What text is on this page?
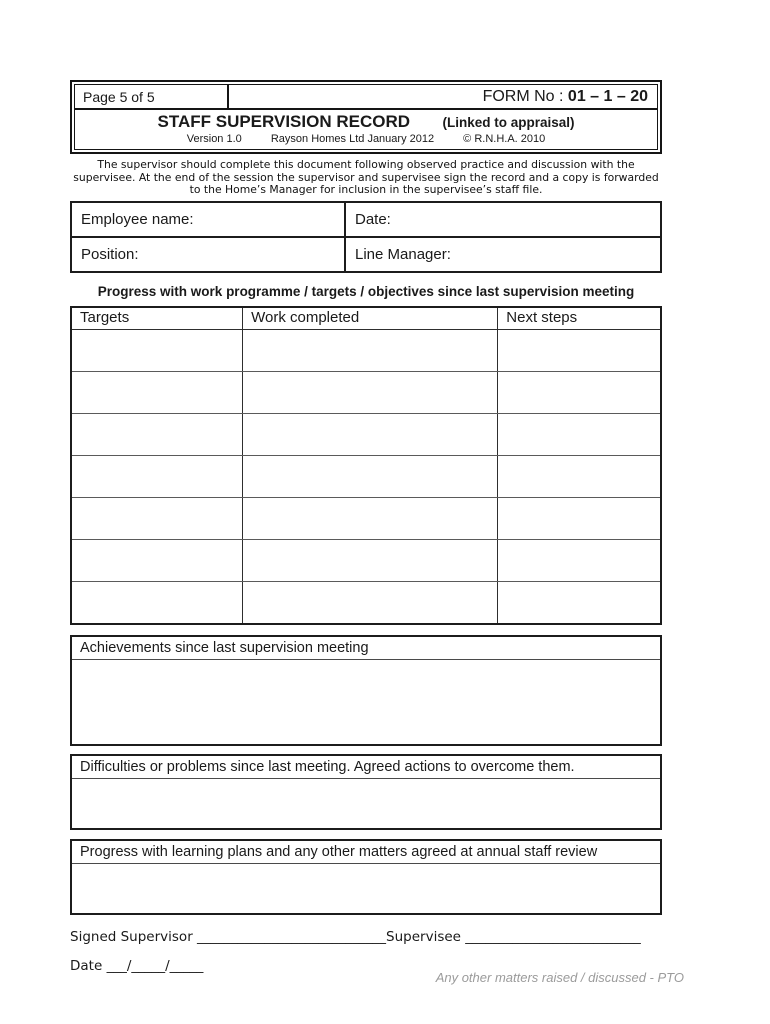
Page 5 of 5	FORM No : 01 – 1 – 20
STAFF SUPERVISION RECORD (Linked to appraisal)
Version 1.0	Rayson Homes Ltd January 2012	© R.N.H.A. 2010

The supervisor should complete this document following observed practice and discussion with the supervisee. At the end of the session the supervisor and supervisee sign the record and a copy is forwarded to the Home’s Manager for inclusion in the supervisee’s staff file.

Employee name:	Date:
Position:	Line Manager:
Progress with work programme / targets / objectives since last supervision meeting
Targets	Work completed	Next steps
Achievements since last supervision meeting
Difficulties or problems since last meeting. Agreed actions to overcome them.
Progress with learning plans and any other matters agreed at annual staff review
Signed Supervisor ____________________________Supervisee __________________________
Date ___/_____/_____
Any other matters raised / discussed - PTO
